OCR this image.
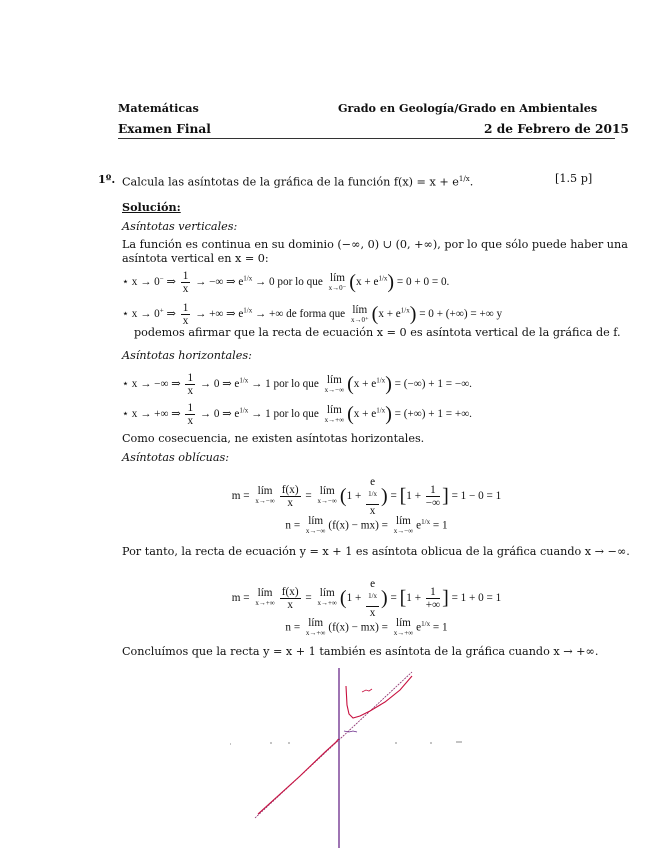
Matemáticas	Grado en Geología/Grado en Ambientales
Examen Final	2 de Febrero de 2015
1º. Calcula las asíntotas de la gráfica de la función $f(x) = x + e^{1/x}$.	[1.5 p]
Solución:
Asíntotas verticales:
La función es continua en su dominio (−∞, 0) ∪ (0, +∞), por lo que sólo puede haber una
asíntota vertical en x = 0:
⋆ x → 0− ⇒ $\frac{1}{x}$ → −∞ ⇒ $e^{1/x} \to 0$ por lo que lím
x→0⁻ $(x + e^{1/x}) = 0 + 0 = 0$.
⋆ x → 0+ ⇒ $\frac{1}{x}$ → +∞ ⇒ $e^{1/x}$ → +∞ de forma que lím
x→0⁺ $(x + e^{1/x}) = 0$ + (+∞) = +∞ y
podemos afirmar que la recta de ecuación x = 0 es asíntota vertical de la gráfica de f.
Asíntotas horizontales:
⋆ x → −∞ ⇒ $\frac{1}{x} \to 0$ ⇒ $e^{1/x} \to 1$ por lo que lím
x→−∞ $(x + e^{1/x})$ = (−∞) + 1 = −∞.
⋆ x → +∞ ⇒ $\frac{1}{x} \to 0$ ⇒ $e^{1/x} \to 1$ por lo que lím
x→+∞ $(x + e^{1/x})$ = (+∞) + 1 = +∞.
Como cosecuencia, ne existen asíntotas horizontales.
Asíntotas oblícuas:
m = lím
$x\to-\infty \frac{f(x)}{x}$ = lím
x→−∞ (1 + e
$^{1/x}$
x ) = [$1 + \frac{1}{-\infty}$ ] = 1 − 0 = 1
n = lím
x→−∞ (f(x) − mx) = lím
x→−∞ $e^{1/x} = 1$
Por tanto, la recta de ecuación y = x + 1 es asíntota oblicua de la gráfica cuando x → −∞.
m = lím
$x\to+\infty \frac{f(x)}{x}$ = lím
x→+∞ (1 + e
$^{1/x}$
x ) = [$1 + \frac{1}{+\infty}$ ] = 1 + 0 = 1
n = lím
x→+∞ (f(x) − mx) = lím
x→+∞ $e^{1/x} = 1$
Concluímos que la recta y = x + 1 también es asíntota de la gráfica cuando x → +∞.
